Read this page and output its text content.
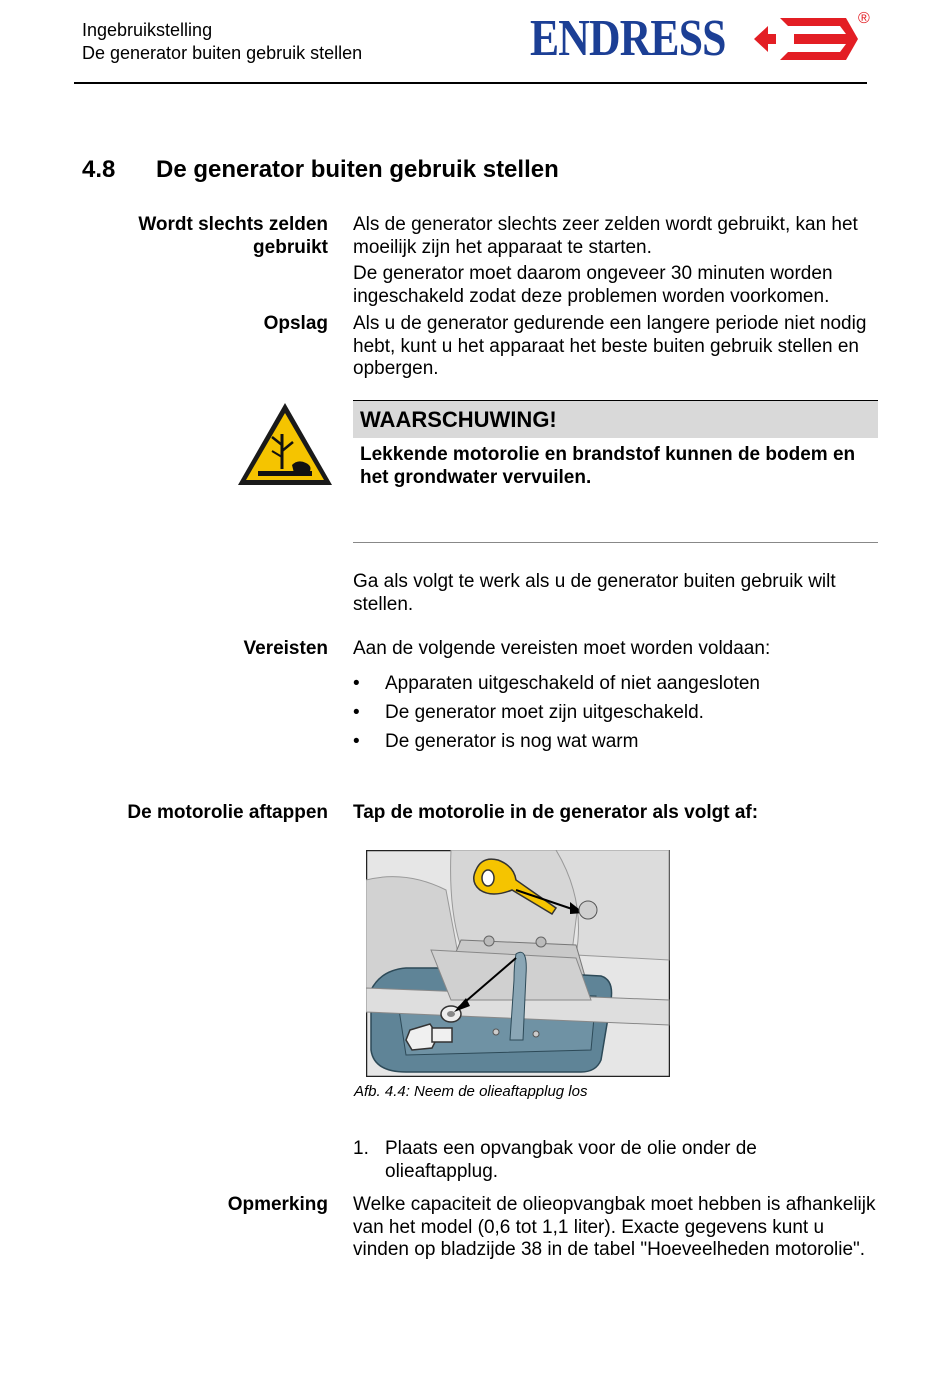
Ingebruikstelling
De generator buiten gebruik stellen	ENDRESS	®
4.8 De generator buiten gebruik stellen
Wordt slechts zelden
gebruikt
Als de generator slechts zeer zelden wordt gebruikt, kan het moeilijk zijn het apparaat te starten.
De generator moet daarom ongeveer 30 minuten worden ingeschakeld zodat deze problemen worden voorkomen.
Opslag Als u de generator gedurende een langere periode niet nodig hebt, kunt u het apparaat het beste buiten gebruik stellen en opbergen.
WAARSCHUWING!
Lekkende motorolie en brandstof kunnen de bodem en het grondwater vervuilen.
Ga als volgt te werk als u de generator buiten gebruik wilt stellen.
Vereisten Aan de volgende vereisten moet worden voldaan:
• Apparaten uitgeschakeld of niet aangesloten
• De generator moet zijn uitgeschakeld.
• De generator is nog wat warm
De motorolie aftappen Tap de motorolie in de generator als volgt af:
Afb. 4.4: Neem de olieaftapplug los
1. Plaats een opvangbak voor de olie onder de olieaftapplug.
Opmerking Welke capaciteit de olieopvangbak moet hebben is afhankelijk van het model (0,6 tot 1,1 liter). Exacte gegevens kunt u vinden op bladzijde 38 in de tabel "Hoeveelheden motorolie".
